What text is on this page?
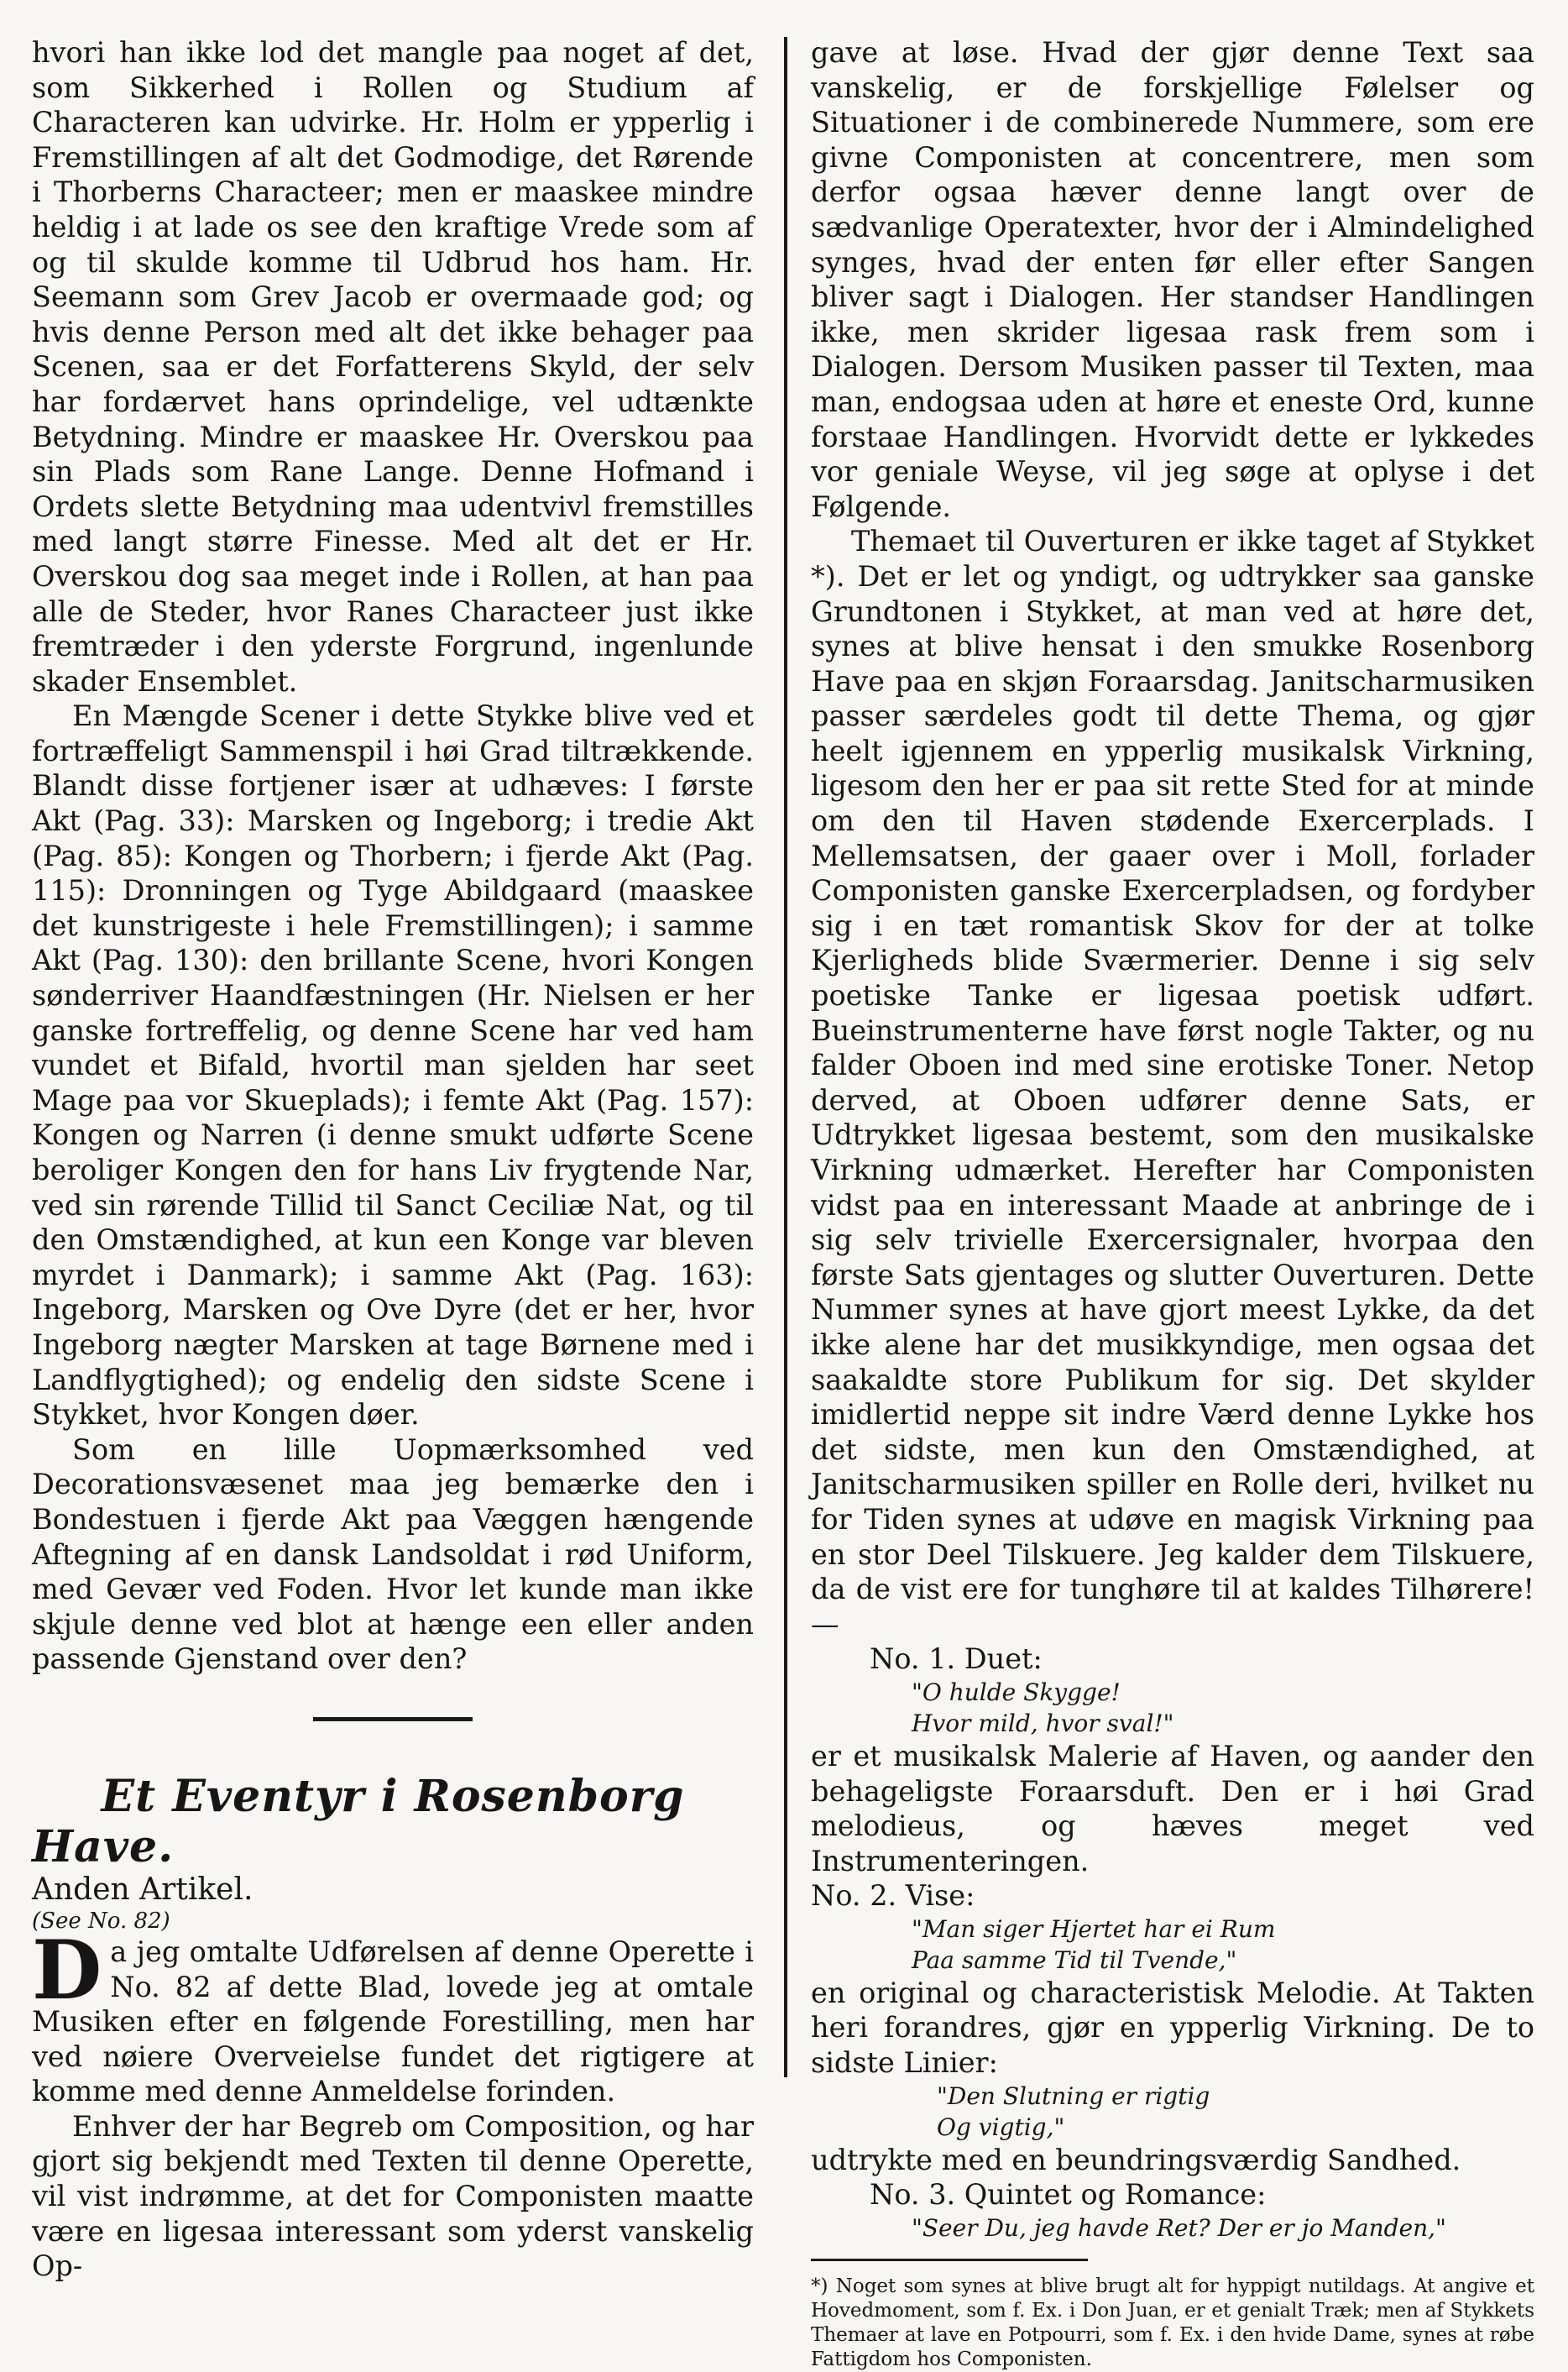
hvori han ikke lod det mangle paa noget af det, som Sikkerhed i Rollen og Studium af Characteren kan udvirke. Hr. Holm er ypperlig i Fremstillingen af alt det Godmodige, det Rørende i Thorberns Characteer; men er maaskee mindre heldig i at lade os see den kraftige Vrede som af og til skulde komme til Udbrud hos ham. Hr. Seemann som Grev Jacob er overmaade god; og hvis denne Person med alt det ikke behager paa Scenen, saa er det Forfatterens Skyld, der selv har fordærvet hans oprindelige, vel udtænkte Betydning. Mindre er maaskee Hr. Overskou paa sin Plads som Rane Lange. Denne Hofmand i Ordets slette Betydning maa udentvivl fremstilles med langt større Finesse. Med alt det er Hr. Overskou dog saa meget inde i Rollen, at han paa alle de Steder, hvor Ranes Characteer just ikke fremtræder i den yderste Forgrund, ingenlunde skader Ensemblet.

En Mængde Scener i dette Stykke blive ved et fortræffeligt Sammenspil i høi Grad tiltrækkende. Blandt disse fortjener især at udhæves: I første Akt (Pag. 33): Marsken og Ingeborg; i tredie Akt (Pag. 85): Kongen og Thorbern; i fjerde Akt (Pag. 115): Dronningen og Tyge Abildgaard (maaskee det kunstrigeste i hele Fremstillingen); i samme Akt (Pag. 130): den brillante Scene, hvori Kongen sønderriver Haandfæstningen (Hr. Nielsen er her ganske fortreffelig, og denne Scene har ved ham vundet et Bifald, hvortil man sjelden har seet Mage paa vor Skueplads); i femte Akt (Pag. 157): Kongen og Narren (i denne smukt udførte Scene beroliger Kongen den for hans Liv frygtende Nar, ved sin rørende Tillid til Sanct Ceciliæ Nat, og til den Omstændighed, at kun een Konge var bleven myrdet i Danmark); i samme Akt (Pag. 163): Ingeborg, Marsken og Ove Dyre (det er her, hvor Ingeborg nægter Marsken at tage Børnene med i Landflygtighed); og endelig den sidste Scene i Stykket, hvor Kongen døer.

Som en lille Uopmærksomhed ved Decorationsvæsenet maa jeg bemærke den i Bondestuen i fjerde Akt paa Væggen hængende Aftegning af en dansk Landsoldat i rød Uniform, med Gevær ved Foden. Hvor let kunde man ikke skjule denne ved blot at hænge een eller anden passende Gjenstand over den?

Et Eventyr i Rosenborg Have.

Anden Artikel.

(See No. 82)

Da jeg omtalte Udførelsen af denne Operette i No. 82 af dette Blad, lovede jeg at omtale Musiken efter en følgende Forestilling, men har ved nøiere Overveielse fundet det rigtigere at komme med denne Anmeldelse forinden.

Enhver der har Begreb om Composition, og har gjort sig bekjendt med Texten til denne Operette, vil vist indrømme, at det for Componisten maatte være en ligesaa interessant som yderst vanskelig Op-

gave at løse. Hvad der gjør denne Text saa vanskelig, er de forskjellige Følelser og Situationer i de combinerede Nummere, som ere givne Componisten at concentrere, men som derfor ogsaa hæver denne langt over de sædvanlige Operatexter, hvor der i Almindelighed synges, hvad der enten før eller efter Sangen bliver sagt i Dialogen. Her standser Handlingen ikke, men skrider ligesaa rask frem som i Dialogen. Dersom Musiken passer til Texten, maa man, endogsaa uden at høre et eneste Ord, kunne forstaae Handlingen. Hvorvidt dette er lykkedes vor geniale Weyse, vil jeg søge at oplyse i det Følgende.

Themaet til Ouverturen er ikke taget af Stykket *). Det er let og yndigt, og udtrykker saa ganske Grundtonen i Stykket, at man ved at høre det, synes at blive hensat i den smukke Rosenborg Have paa en skjøn Foraarsdag. Janitscharmusiken passer særdeles godt til dette Thema, og gjør heelt igjennem en ypperlig musikalsk Virkning, ligesom den her er paa sit rette Sted for at minde om den til Haven stødende Exercerplads. I Mellemsatsen, der gaaer over i Moll, forlader Componisten ganske Exercerpladsen, og fordyber sig i en tæt romantisk Skov for der at tolke Kjerligheds blide Sværmerier. Denne i sig selv poetiske Tanke er ligesaa poetisk udført. Bueinstrumenterne have først nogle Takter, og nu falder Oboen ind med sine erotiske Toner. Netop derved, at Oboen udfører denne Sats, er Udtrykket ligesaa bestemt, som den musikalske Virkning udmærket. Herefter har Componisten vidst paa en interessant Maade at anbringe de i sig selv trivielle Exercersignaler, hvorpaa den første Sats gjentages og slutter Ouverturen. Dette Nummer synes at have gjort meest Lykke, da det ikke alene har det musikkyndige, men ogsaa det saakaldte store Publikum for sig. Det skylder imidlertid neppe sit indre Værd denne Lykke hos det sidste, men kun den Omstændighed, at Janitscharmusiken spiller en Rolle deri, hvilket nu for Tiden synes at udøve en magisk Virkning paa en stor Deel Tilskuere. Jeg kalder dem Tilskuere, da de vist ere for tunghøre til at kaldes Tilhørere! —

No. 1. Duet:

"O hulde Skygge!

Hvor mild, hvor sval!"

er et musikalsk Malerie af Haven, og aander den behageligste Foraarsduft. Den er i høi Grad melodieus, og hæves meget ved Instrumenteringen.

No. 2. Vise:

"Man siger Hjertet har ei Rum

Paa samme Tid til Tvende,"

en original og characteristisk Melodie. At Takten heri forandres, gjør en ypperlig Virkning. De to sidste Linier:

"Den Slutning er rigtig

Og vigtig,"

udtrykte med en beundringsværdig Sandhed.

No. 3. Quintet og Romance:

"Seer Du, jeg havde Ret? Der er jo Manden,"

*) Noget som synes at blive brugt alt for hyppigt nutildags. At angive et Hovedmoment, som f. Ex. i Don Juan, er et genialt Træk; men af Stykkets Themaer at lave en Potpourri, som f. Ex. i den hvide Dame, synes at røbe Fattigdom hos Componisten.
